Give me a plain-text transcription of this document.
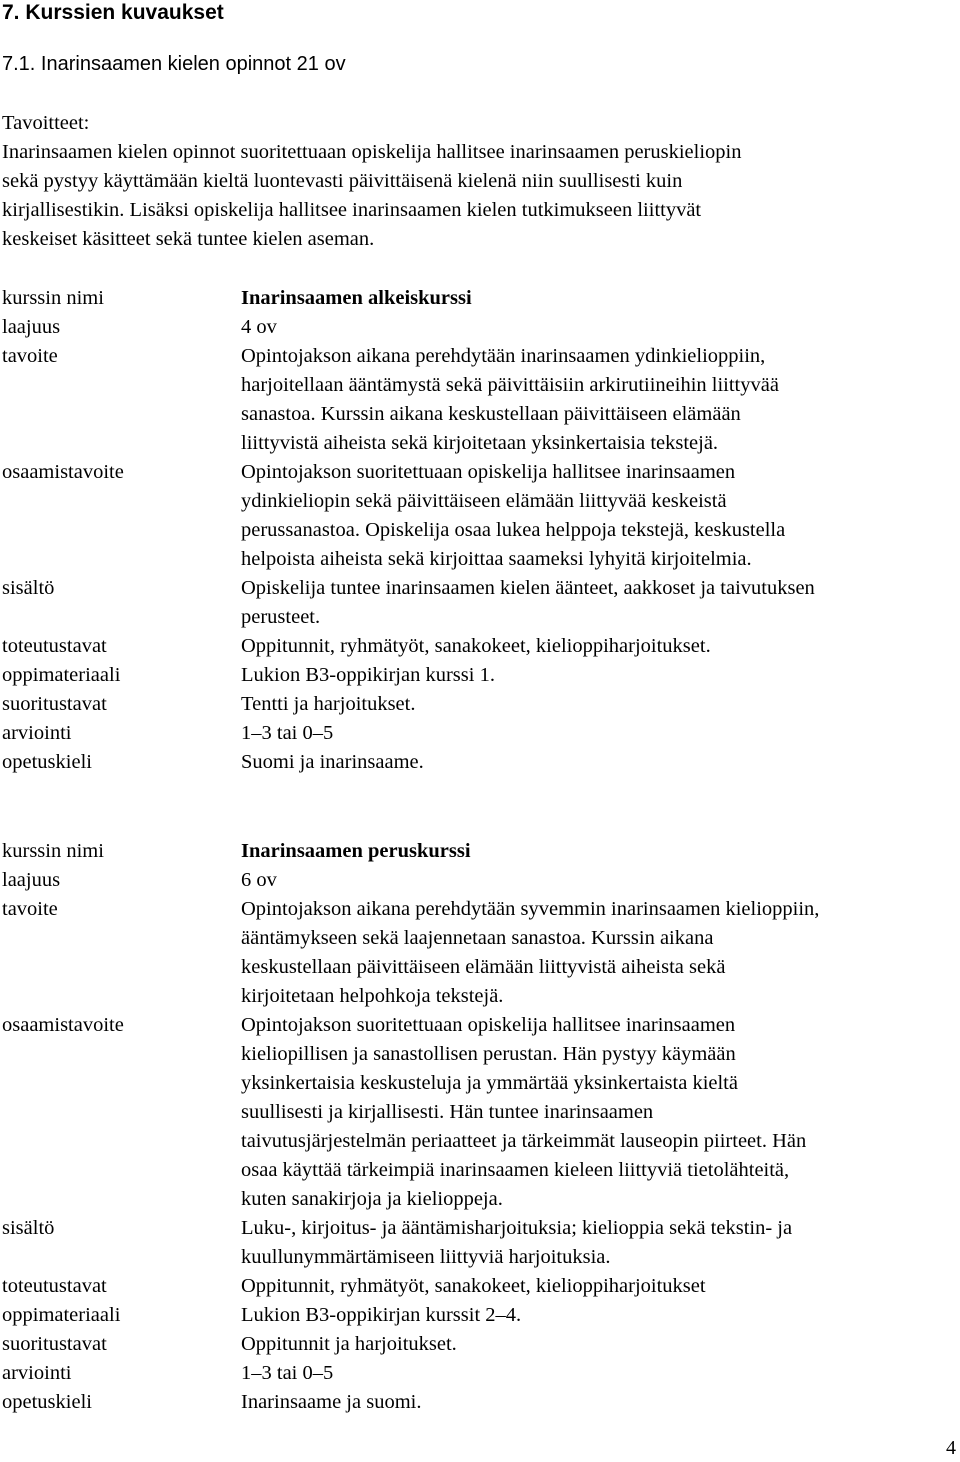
7. Kurssien kuvaukset
7.1. Inarinsaamen kielen opinnot 21 ov
Tavoitteet:
Inarinsaamen kielen opinnot suoritettuaan opiskelija hallitsee inarinsaamen peruskieliopin
sekä pystyy käyttämään kieltä luontevasti päivittäisenä kielenä niin suullisesti kuin
kirjallisestikin. Lisäksi opiskelija hallitsee inarinsaamen kielen tutkimukseen liittyvät
keskeiset käsitteet sekä tuntee kielen aseman.
kurssin nimi	Inarinsaamen alkeiskurssi
laajuus	4 ov
tavoite	Opintojakson aikana perehdytään inarinsaamen ydinkielioppiin,
harjoitellaan ääntämystä sekä päivittäisiin arkirutiineihin liittyvää
sanastoa. Kurssin aikana keskustellaan päivittäiseen elämään
liittyvistä aiheista sekä kirjoitetaan yksinkertaisia tekstejä.
osaamistavoite	Opintojakson suoritettuaan opiskelija hallitsee inarinsaamen
ydinkieliopin sekä päivittäiseen elämään liittyvää keskeistä
perussanastoa. Opiskelija osaa lukea helppoja tekstejä, keskustella
helpoista aiheista sekä kirjoittaa saameksi lyhyitä kirjoitelmia.
sisältö	Opiskelija tuntee inarinsaamen kielen äänteet, aakkoset ja taivutuksen
perusteet.
toteutustavat	Oppitunnit, ryhmätyöt, sanakokeet, kielioppiharjoitukset.
oppimateriaali	Lukion B3-oppikirjan kurssi 1.
suoritustavat	Tentti ja harjoitukset.
arviointi	1–3 tai 0–5
opetuskieli	Suomi ja inarinsaame.
kurssin nimi	Inarinsaamen peruskurssi
laajuus	6 ov
tavoite	Opintojakson aikana perehdytään syvemmin inarinsaamen kielioppiin,
ääntämykseen sekä laajennetaan sanastoa. Kurssin aikana
keskustellaan päivittäiseen elämään liittyvistä aiheista sekä
kirjoitetaan helpohkoja tekstejä.
osaamistavoite	Opintojakson suoritettuaan opiskelija hallitsee inarinsaamen
kieliopillisen ja sanastollisen perustan. Hän pystyy käymään
yksinkertaisia keskusteluja ja ymmärtää yksinkertaista kieltä
suullisesti ja kirjallisesti. Hän tuntee inarinsaamen
taivutusjärjestelmän periaatteet ja tärkeimmät lauseopin piirteet. Hän
osaa käyttää tärkeimpiä inarinsaamen kieleen liittyviä tietolähteitä,
kuten sanakirjoja ja kielioppeja.
sisältö	Luku-, kirjoitus- ja ääntämisharjoituksia; kielioppia sekä tekstin- ja
kuullunymmärtämiseen liittyviä harjoituksia.
toteutustavat	Oppitunnit, ryhmätyöt, sanakokeet, kielioppiharjoitukset
oppimateriaali	Lukion B3-oppikirjan kurssit 2–4.
suoritustavat	Oppitunnit ja harjoitukset.
arviointi	1–3 tai 0–5
opetuskieli	Inarinsaame ja suomi.
4
